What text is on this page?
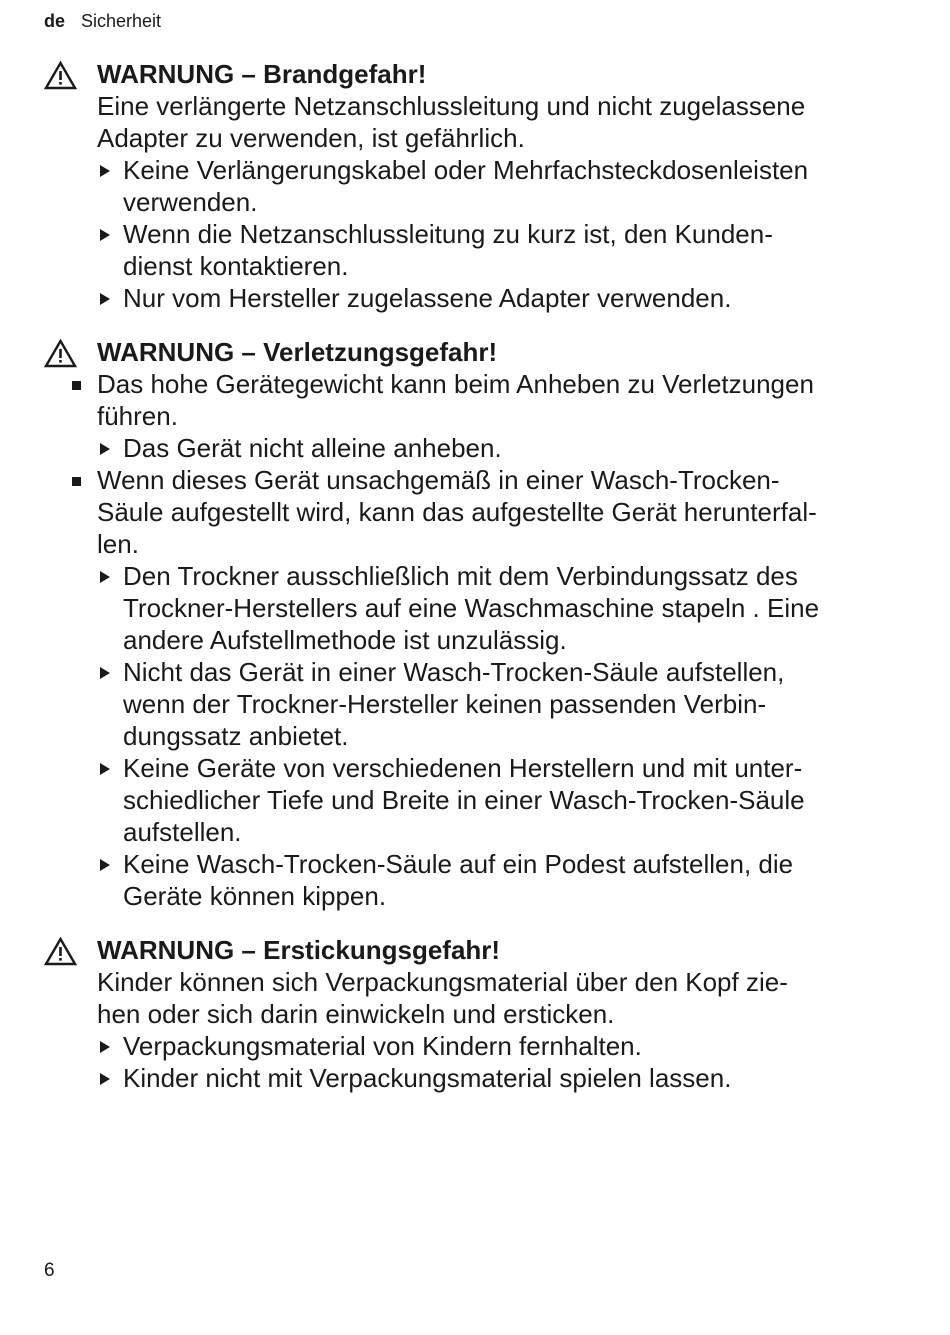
de Sicherheit
WARNUNG – Brandgefahr!
Eine verlängerte Netzanschlussleitung und nicht zugelassene
Adapter zu verwenden, ist gefährlich.
Keine Verlängerungskabel oder Mehrfachsteckdosenleisten
verwenden.
Wenn die Netzanschlussleitung zu kurz ist, den Kunden-
dienst kontaktieren.
Nur vom Hersteller zugelassene Adapter verwenden.
WARNUNG – Verletzungsgefahr!
Das hohe Gerätegewicht kann beim Anheben zu Verletzungen
führen.
Das Gerät nicht alleine anheben.
Wenn dieses Gerät unsachgemäß in einer Wasch-Trocken-
Säule aufgestellt wird, kann das aufgestellte Gerät herunterfal-
len.
Den Trockner ausschließlich mit dem Verbindungssatz des
Trockner-Herstellers auf eine Waschmaschine stapeln . Eine
andere Aufstellmethode ist unzulässig.
Nicht das Gerät in einer Wasch-Trocken-Säule aufstellen,
wenn der Trockner-Hersteller keinen passenden Verbin-
dungssatz anbietet.
Keine Geräte von verschiedenen Herstellern und mit unter-
schiedlicher Tiefe und Breite in einer Wasch-Trocken-Säule
aufstellen.
Keine Wasch-Trocken-Säule auf ein Podest aufstellen, die
Geräte können kippen.
WARNUNG – Erstickungsgefahr!
Kinder können sich Verpackungsmaterial über den Kopf zie-
hen oder sich darin einwickeln und ersticken.
Verpackungsmaterial von Kindern fernhalten.
Kinder nicht mit Verpackungsmaterial spielen lassen.
6
